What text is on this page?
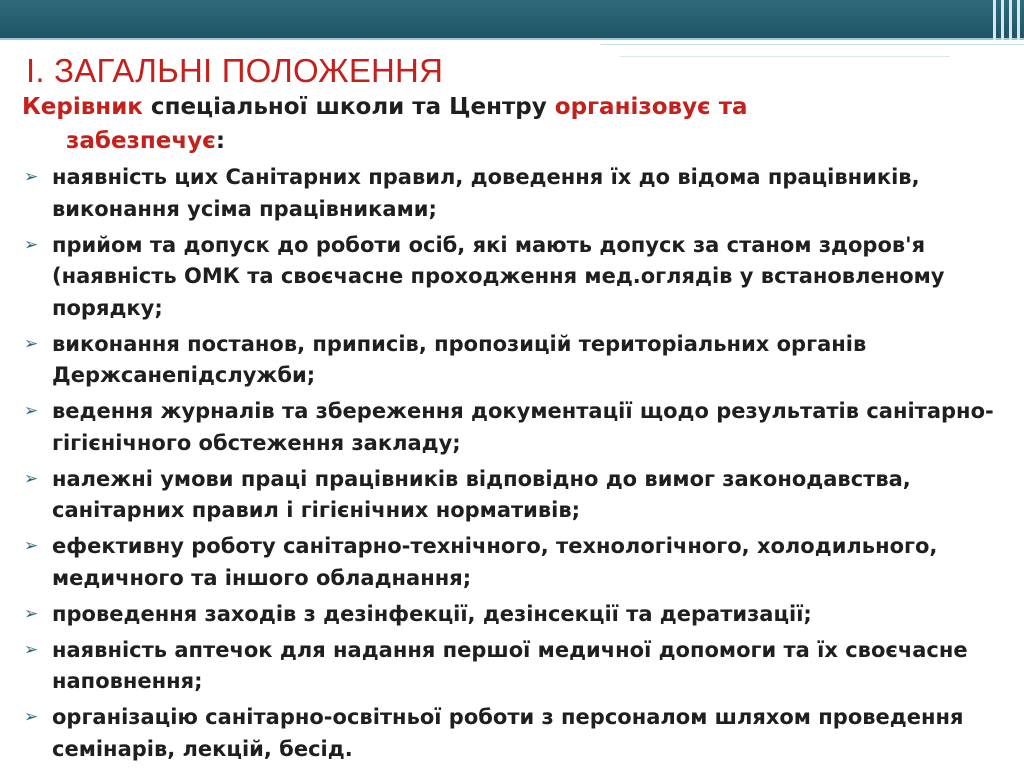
І. ЗАГАЛЬНІ ПОЛОЖЕННЯ
Керівник спеціальної школи та Центру організовує та
забезпечує:
➢ наявність цих Санітарних правил, доведення їх до відома працівників, виконання усіма працівниками;
➢ прийом та допуск до роботи осіб, які мають допуск за станом здоров'я (наявність ОМК та своєчасне проходження мед.оглядів у встановленому порядку;
➢ виконання постанов, приписів, пропозицій територіальних органів Держсанепідслужби;
➢ ведення журналів та збереження документації щодо результатів санітарно-гігієнічного обстеження закладу;
➢ належні умови праці працівників відповідно до вимог законодавства, санітарних правил і гігієнічних нормативів;
➢ ефективну роботу санітарно-технічного, технологічного, холодильного, медичного та іншого обладнання;
➢ проведення заходів з дезінфекції, дезінсекції та дератизації;
➢ наявність аптечок для надання першої медичної допомоги та їх своєчасне наповнення;
➢ організацію санітарно-освітньої роботи з персоналом шляхом проведення семінарів, лекцій, бесід.
